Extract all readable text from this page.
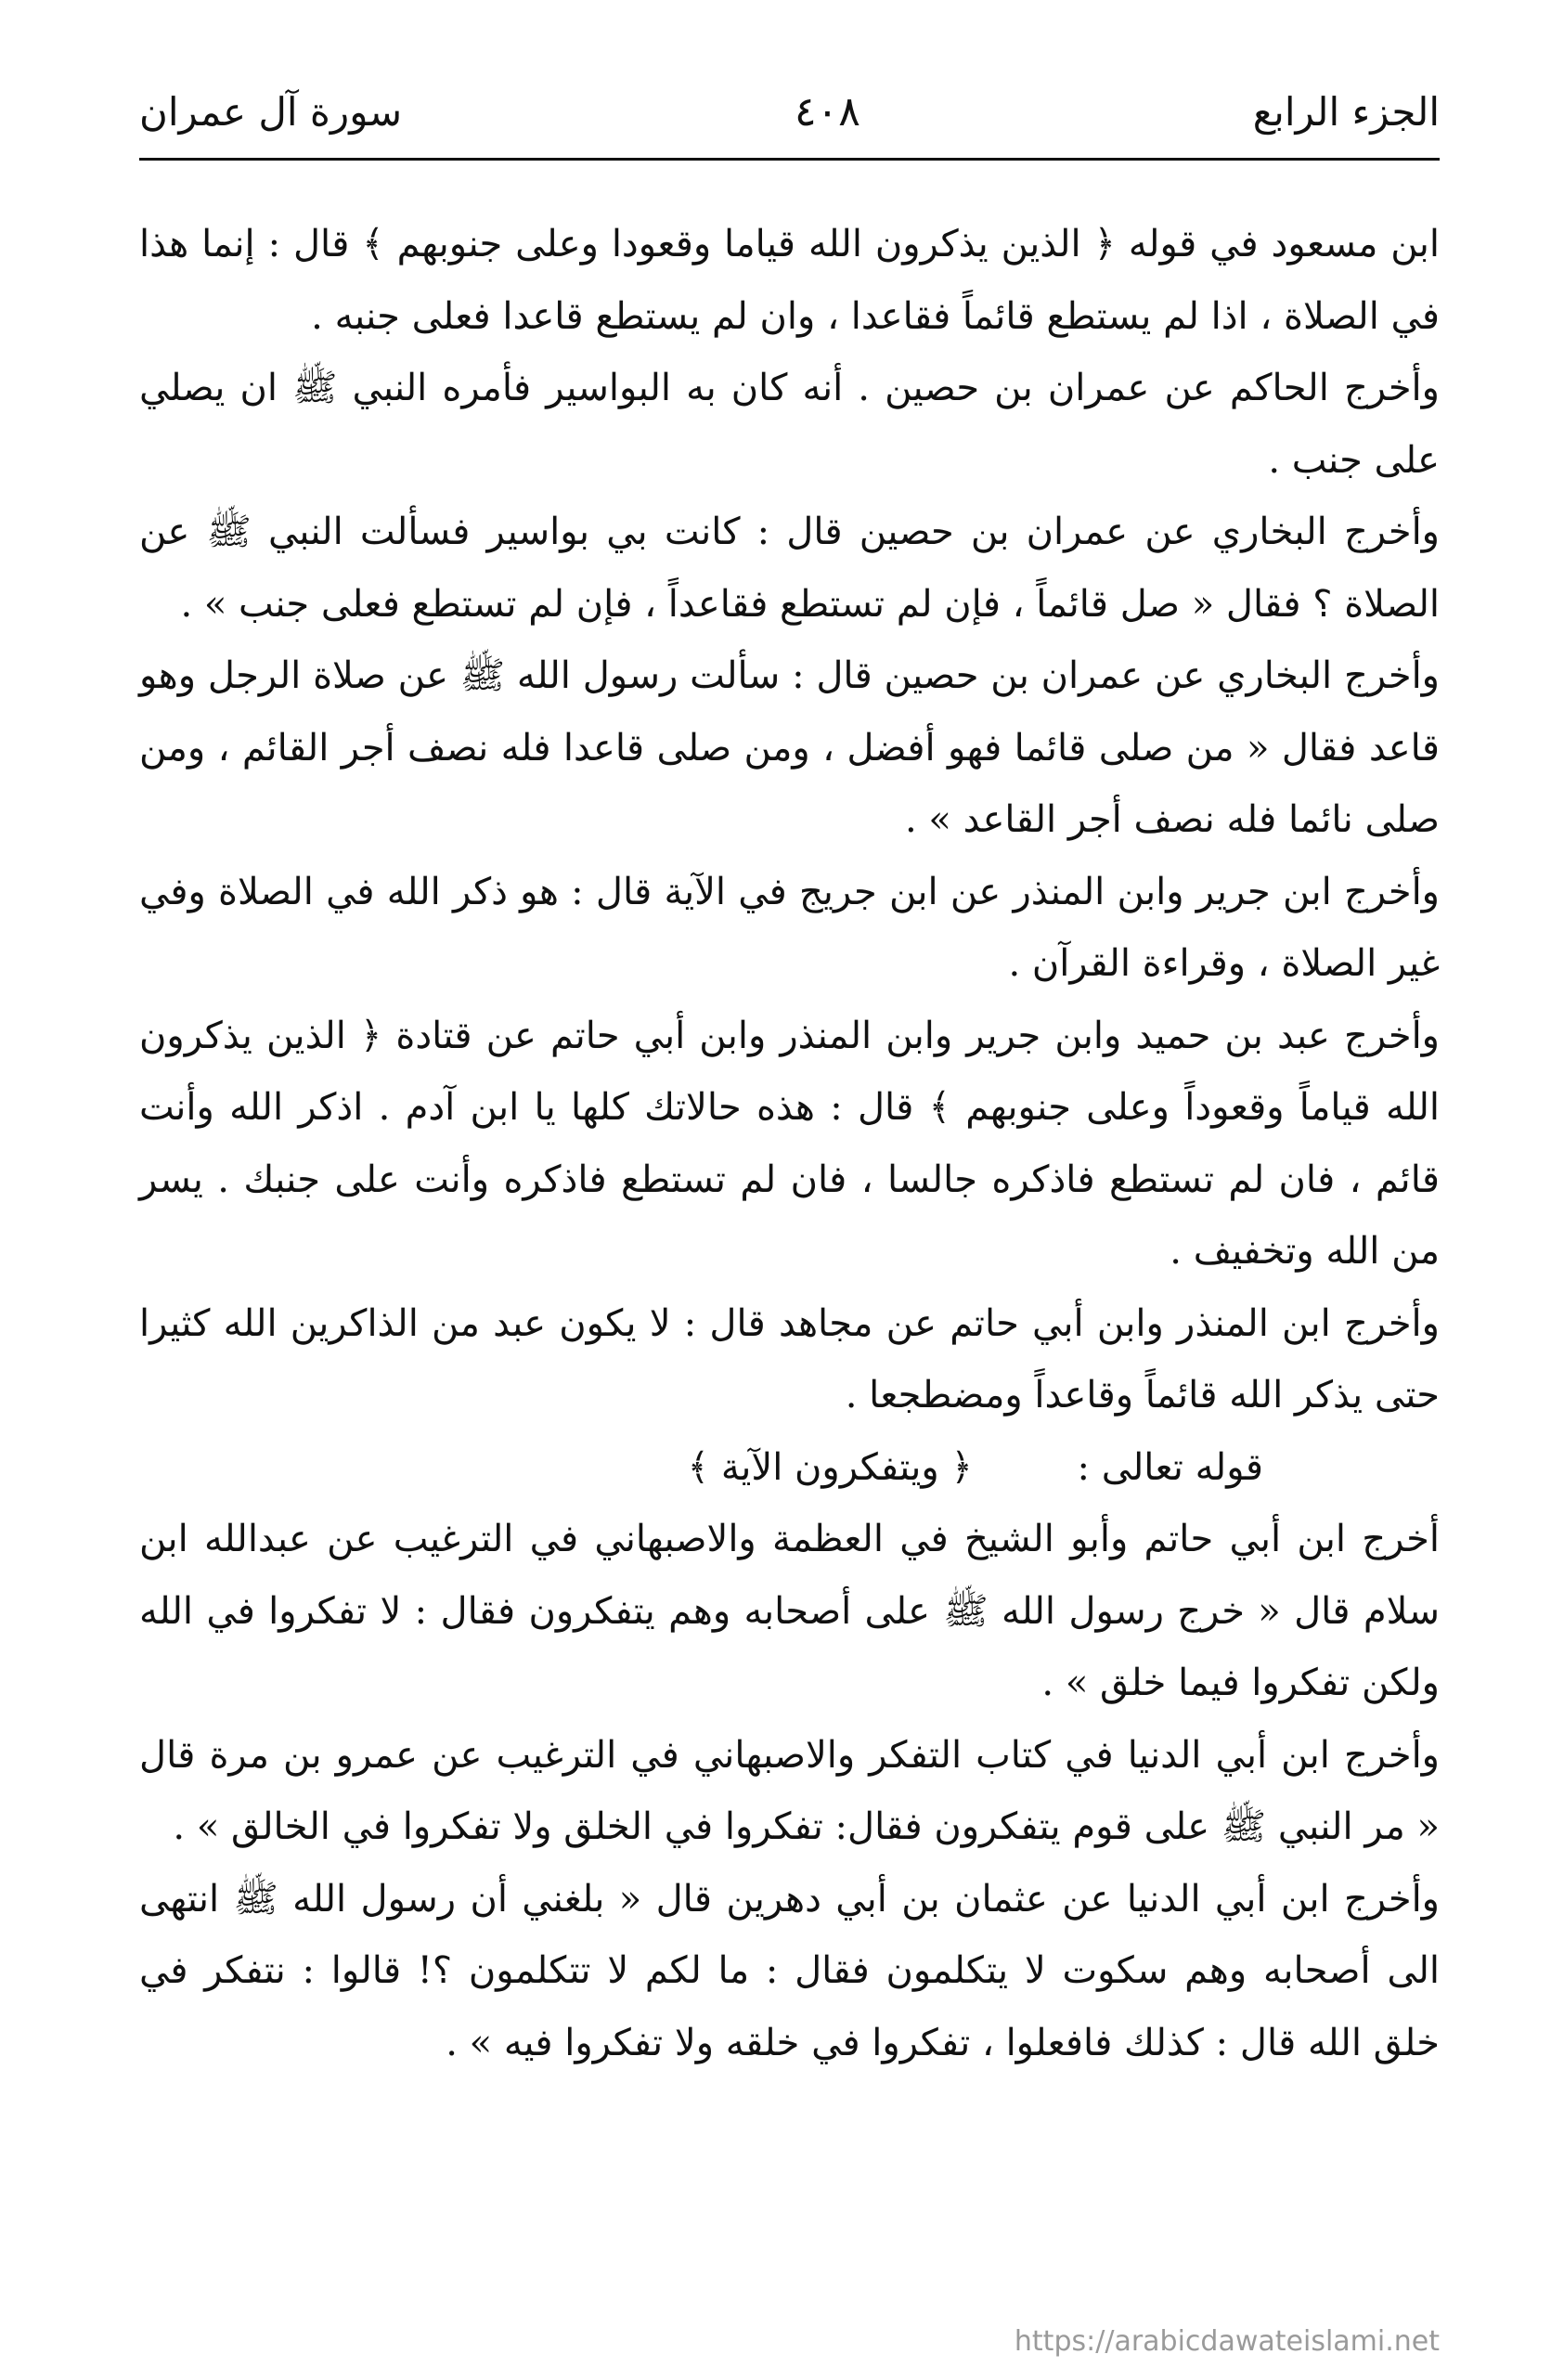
الجزء الرابع
٤٠٨
سورة آل عمران

ابن مسعود في قوله ﴿ الذين يذكرون الله قياما وقعودا وعلى جنوبهم ﴾ قال : إنما هذا في الصلاة ، اذا لم يستطع قائماً فقاعدا ، وان لم يستطع قاعدا فعلى جنبه .

وأخرج الحاكم عن عمران بن حصين . أنه كان به البواسير فأمره النبي ﷺ ان يصلي على جنب .

وأخرج البخاري عن عمران بن حصين قال : كانت بي بواسير فسألت النبي ﷺ عن الصلاة ؟ فقال « صل قائماً ، فإن لم تستطع فقاعداً ، فإن لم تستطع فعلى جنب » .

وأخرج البخاري عن عمران بن حصين قال : سألت رسول الله ﷺ عن صلاة الرجل وهو قاعد فقال « من صلى قائما فهو أفضل ، ومن صلى قاعدا فله نصف أجر القائم ، ومن صلى نائما فله نصف أجر القاعد » .

وأخرج ابن جرير وابن المنذر عن ابن جريج في الآية قال : هو ذكر الله في الصلاة وفي غير الصلاة ، وقراءة القرآن .

وأخرج عبد بن حميد وابن جرير وابن المنذر وابن أبي حاتم عن قتادة ﴿ الذين يذكرون الله قياماً وقعوداً وعلى جنوبهم ﴾ قال : هذه حالاتك كلها يا ابن آدم . اذكر الله وأنت قائم ، فان لم تستطع فاذكره جالسا ، فان لم تستطع فاذكره وأنت على جنبك . يسر من الله وتخفيف .

وأخرج ابن المنذر وابن أبي حاتم عن مجاهد قال : لا يكون عبد من الذاكرين الله كثيرا حتى يذكر الله قائماً وقاعداً ومضطجعا .

قوله تعالى : ﴿ ويتفكرون الآية ﴾

أخرج ابن أبي حاتم وأبو الشيخ في العظمة والاصبهاني في الترغيب عن عبدالله ابن سلام قال « خرج رسول الله ﷺ على أصحابه وهم يتفكرون فقال : لا تفكروا في الله ولكن تفكروا فيما خلق » .

وأخرج ابن أبي الدنيا في كتاب التفكر والاصبهاني في الترغيب عن عمرو بن مرة قال « مر النبي ﷺ على قوم يتفكرون فقال: تفكروا في الخلق ولا تفكروا في الخالق » .

وأخرج ابن أبي الدنيا عن عثمان بن أبي دهرين قال « بلغني أن رسول الله ﷺ انتهى الى أصحابه وهم سكوت لا يتكلمون فقال : ما لكم لا تتكلمون ؟! قالوا : نتفكر في خلق الله قال : كذلك فافعلوا ، تفكروا في خلقه ولا تفكروا فيه » .

https://arabicdawateislami.net
